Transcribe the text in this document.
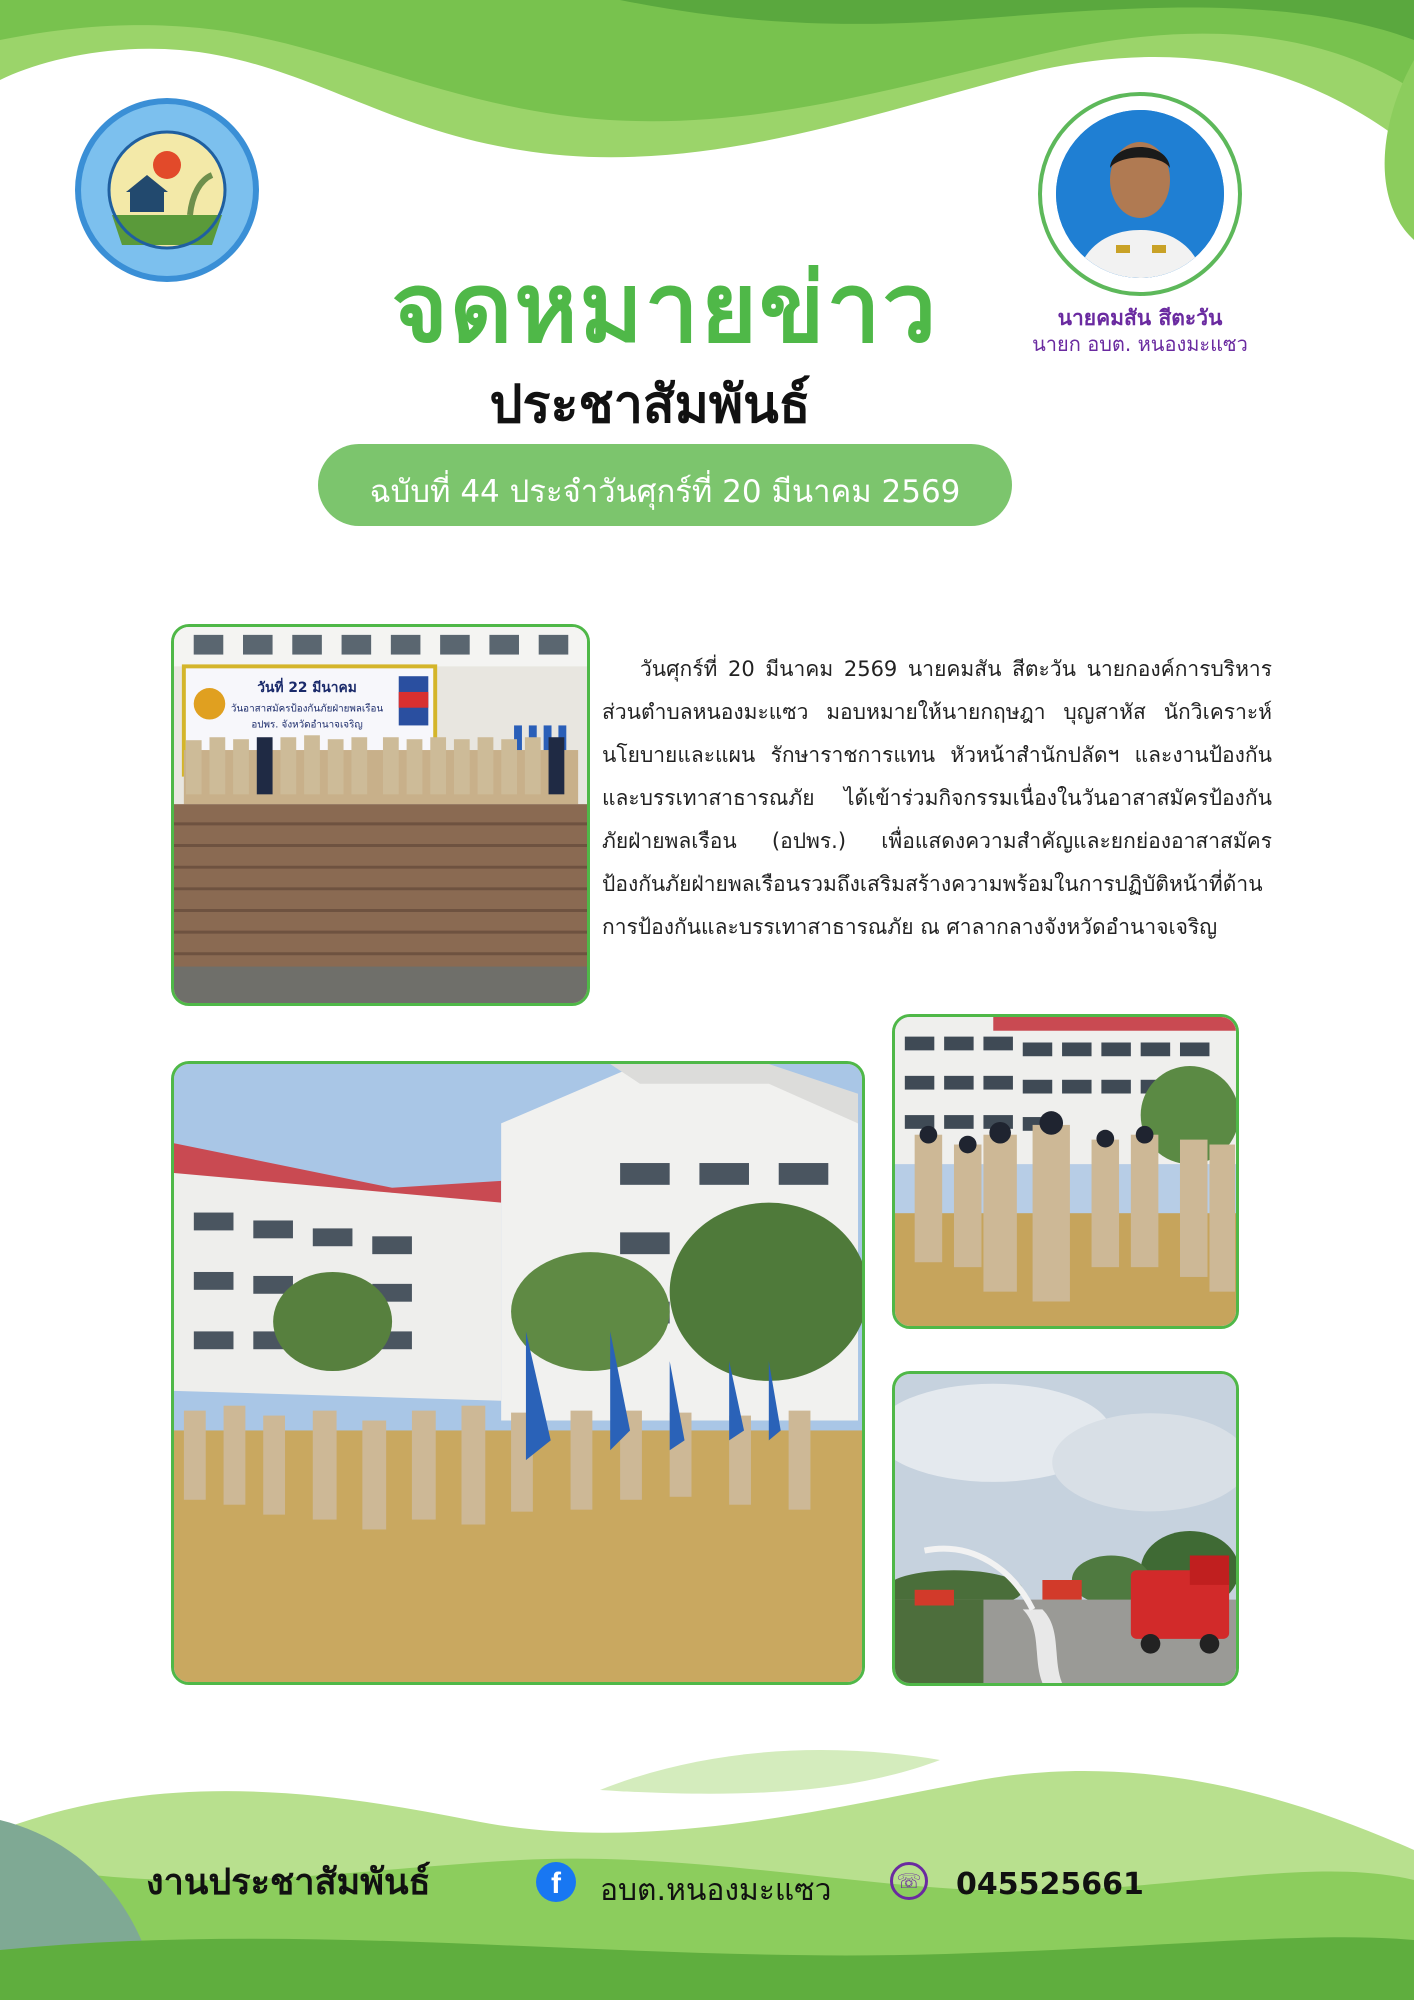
นายคมสัน สีตะวัน
นายก อบต. หนองมะแซว
จดหมายข่าว
ประชาสัมพันธ์
ฉบับที่ 44 ประจำวันศุกร์ที่ 20 มีนาคม 2569
วันที่ 22 มีนาคม
วันอาสาสมัครป้องกันภัยฝ่ายพลเรือน
อปพร. จังหวัดอำนาจเจริญ

วันศุกร์ที่ 20 มีนาคม 2569 นายคมสัน สีตะวัน นายกองค์การบริหารส่วนตำบลหนองมะแซว มอบหมายให้นายกฤษฎา บุญสาหัส นักวิเคราะห์นโยบายและแผน รักษาราชการแทน หัวหน้าสำนักปลัดฯ และงานป้องกันและบรรเทาสาธารณภัย ได้เข้าร่วมกิจกรรมเนื่องในวันอาสาสมัครป้องกันภัยฝ่ายพลเรือน (อปพร.) เพื่อแสดงความสำคัญและยกย่องอาสาสมัครป้องกันภัยฝ่ายพลเรือนรวมถึงเสริมสร้างความพร้อมในการปฏิบัติหน้าที่ด้านการป้องกันและบรรเทาสาธารณภัย ณ ศาลากลางจังหวัดอำนาจเจริญ

งานประชาสัมพันธ์	f	อบต.หนองมะแซว	☏ 045525661
